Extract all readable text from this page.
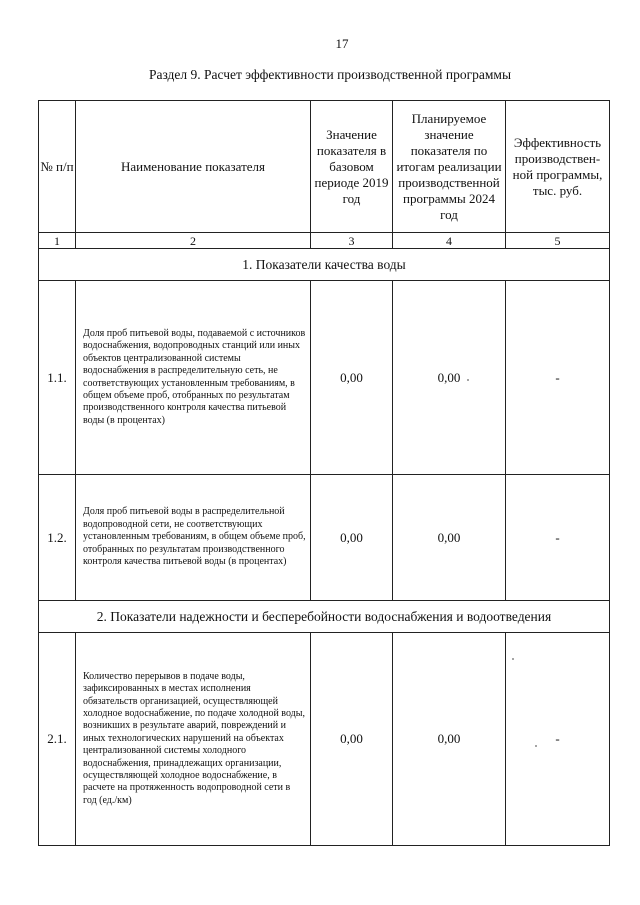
17
Раздел 9. Расчет эффективности производственной программы
№ п/п	Наименование показателя	Значение показателя в базовом периоде 2019 год	Планируемое значение показателя по итогам реализации производственной программы 2024 год	Эффективность производствен-ной программы, тыс. руб.
1	2	3	4	5
1. Показатели качества воды				
1.1.	Доля проб питьевой воды, подаваемой с источников водоснабжения, водопроводных станций или иных объектов централизованной системы водоснабжения в распределительную сеть, не соответствующих установленным требованиям, в общем объеме проб, отобранных по результатам производственного контроля качества питьевой воды (в процентах)	0,00	0,00	-
1.2.	Доля проб питьевой воды в распределительной водопроводной сети, не соответствующих установленным требованиям, в общем объеме проб, отобранных по результатам производственного контроля качества питьевой воды (в процентах)	0,00	0,00	-
2. Показатели надежности и бесперебойности водоснабжения и водоотведения				
2.1.	Количество перерывов в подаче воды, зафиксированных в местах исполнения обязательств организацией, осуществляющей холодное водоснабжение, по подаче холодной воды, возникших в результате аварий, повреждений и иных технологических нарушений на объектах централизованной системы холодного водоснабжения, принадлежащих организации, осуществляющей холодное водоснабжение, в расчете на протяженность водопроводной сети в год (ед./км)	0,00	0,00	-
